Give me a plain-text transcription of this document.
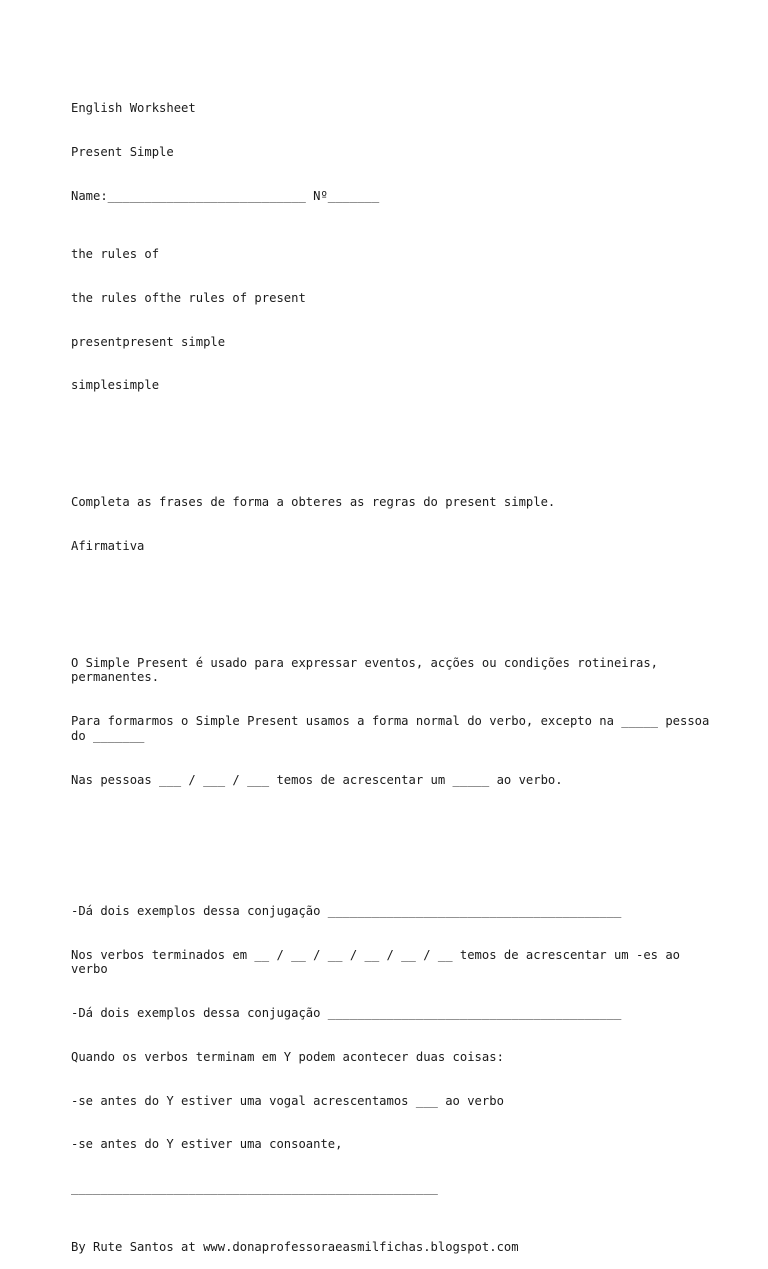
English Worksheet

Present Simple

Name:___________________________ Nº_______

the rules of

the rules ofthe rules of present

presentpresent simple

simplesimple

Completa as frases de forma a obteres as regras do present simple.

Afirmativa

O Simple Present é usado para expressar eventos, acções ou condições rotineiras, permanentes.

Para formarmos o Simple Present usamos a forma normal do verbo, excepto na _____ pessoa do _______

Nas pessoas ___ / ___ / ___ temos de acrescentar um _____ ao verbo.

-Dá dois exemplos dessa conjugação ________________________________________

Nos verbos terminados em __ / __ / __ / __ / __ / __ temos de acrescentar um -es ao verbo

-Dá dois exemplos dessa conjugação ________________________________________

Quando os verbos terminam em Y podem acontecer duas coisas:

-se antes do Y estiver uma vogal acrescentamos ___ ao verbo

-se antes do Y estiver uma consoante,

__________________________________________________

By Rute Santos at www.donaprofessoraeasmilfichas.blogspot.com
